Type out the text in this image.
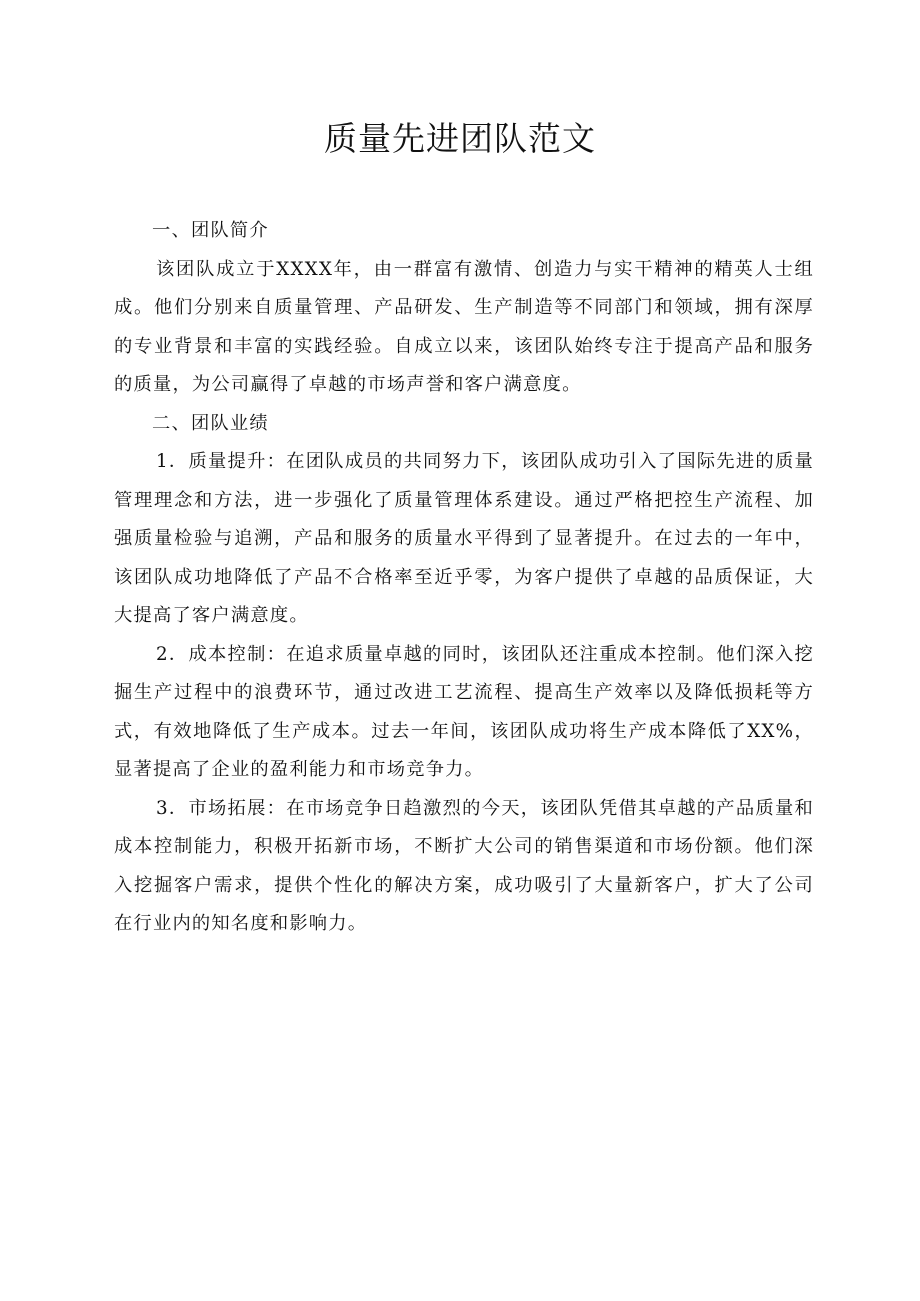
质量先进团队范文

一、团队简介

该团队成立于XXXX年，由一群富有激情、创造力与实干精神的精英人士组成。他们分别来自质量管理、产品研发、生产制造等不同部门和领域，拥有深厚的专业背景和丰富的实践经验。自成立以来，该团队始终专注于提高产品和服务的质量，为公司赢得了卓越的市场声誉和客户满意度。

二、团队业绩

1．质量提升：在团队成员的共同努力下，该团队成功引入了国际先进的质量管理理念和方法，进一步强化了质量管理体系建设。通过严格把控生产流程、加强质量检验与追溯，产品和服务的质量水平得到了显著提升。在过去的一年中，该团队成功地降低了产品不合格率至近乎零，为客户提供了卓越的品质保证，大大提高了客户满意度。

2．成本控制：在追求质量卓越的同时，该团队还注重成本控制。他们深入挖掘生产过程中的浪费环节，通过改进工艺流程、提高生产效率以及降低损耗等方式，有效地降低了生产成本。过去一年间，该团队成功将生产成本降低了XX%，显著提高了企业的盈利能力和市场竞争力。

3．市场拓展：在市场竞争日趋激烈的今天，该团队凭借其卓越的产品质量和成本控制能力，积极开拓新市场，不断扩大公司的销售渠道和市场份额。他们深入挖掘客户需求，提供个性化的解决方案，成功吸引了大量新客户，扩大了公司在行业内的知名度和影响力。
